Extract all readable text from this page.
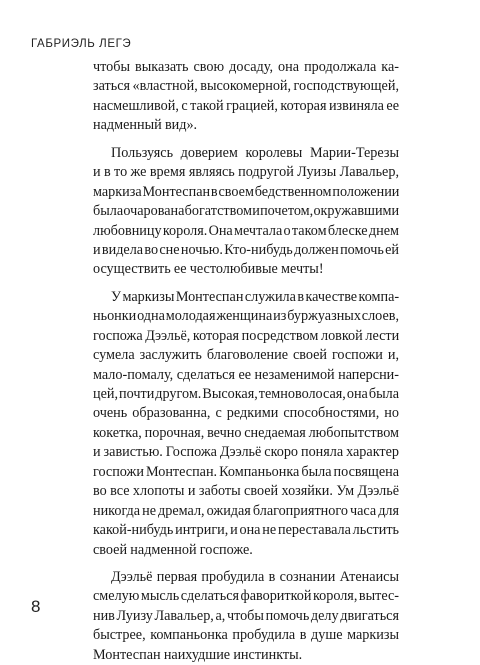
ГАБРИЭЛЬ ЛЕГЭ
чтобы выказать свою досаду, она продолжала ка-
заться «властной, высокомерной, господствующей,
насмешливой, с такой грацией, которая извиняла ее
надменный вид».
Пользуясь доверием королевы Марии-Терезы
и в то же время являясь подругой Луизы Лавальер,
маркиза Монтеспан в своем бедственном положении
была очарована богатством и почетом, окружавшими
любовницу короля. Она мечтала о таком блеске днем
и видела во сне ночью. Кто-нибудь должен помочь ей
осуществить ее честолюбивые мечты!
У маркизы Монтеспан служила в качестве компа-
ньонки одна молодая женщина из буржуазных слоев,
госпожа Дээльё, которая посредством ловкой лести
сумела заслужить благоволение своей госпожи и,
мало-помалу, сделаться ее незаменимой наперсни-
цей, почти другом. Высокая, темноволосая, она была
очень образованна, с редкими способностями, но
кокетка, порочная, вечно снедаемая любопытством
и завистью. Госпожа Дээльё скоро поняла характер
госпожи Монтеспан. Компаньонка была посвящена
во все хлопоты и заботы своей хозяйки. Ум Дээльё
никогда не дремал, ожидая благоприятного часа для
какой-нибудь интриги, и она не переставала льстить
своей надменной госпоже.
Дээльё первая пробудила в сознании Атенаисы
смелую мысль сделаться фавориткой короля, вытес-
нив Луизу Лавальер, а, чтобы помочь делу двигаться
быстрее, компаньонка пробудила в душе маркизы
Монтеспан наихудшие инстинкты.
8
